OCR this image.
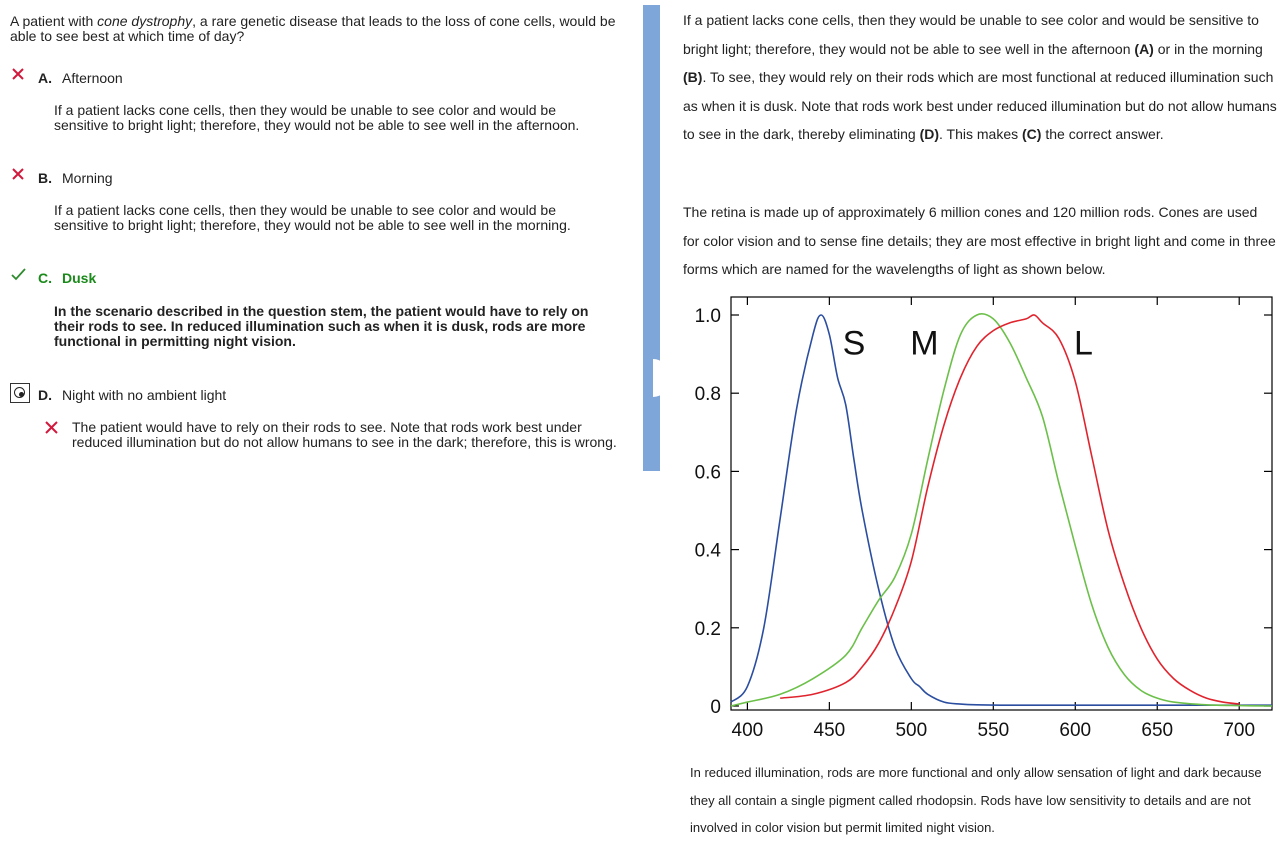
A patient with cone dystrophy, a rare genetic disease that leads to the loss of cone cells, would be able to see best at which time of day?
A. Afternoon
If a patient lacks cone cells, then they would be unable to see color and would be sensitive to bright light; therefore, they would not be able to see well in the afternoon.
B. Morning
If a patient lacks cone cells, then they would be unable to see color and would be sensitive to bright light; therefore, they would not be able to see well in the morning.
C. Dusk
In the scenario described in the question stem, the patient would have to rely on their rods to see. In reduced illumination such as when it is dusk, rods are more functional in permitting night vision.
D. Night with no ambient light
The patient would have to rely on their rods to see. Note that rods work best under reduced illumination but do not allow humans to see in the dark; therefore, this is wrong.
If a patient lacks cone cells, then they would be unable to see color and would be sensitive to bright light; therefore, they would not be able to see well in the afternoon (A) or in the morning (B). To see, they would rely on their rods which are most functional at reduced illumination such as when it is dusk. Note that rods work best under reduced illumination but do not allow humans to see in the dark, thereby eliminating (D). This makes (C) the correct answer.
The retina is made up of approximately 6 million cones and 120 million rods. Cones are used for color vision and to sense fine details; they are most effective in bright light and come in three forms which are named for the wavelengths of light as shown below.
400	450	500	550	600	650	700
0
0.2
0.4
0.6
0.8
1.0
S M	L
In reduced illumination, rods are more functional and only allow sensation of light and dark because they all contain a single pigment called rhodopsin. Rods have low sensitivity to details and are not involved in color vision but permit limited night vision.
